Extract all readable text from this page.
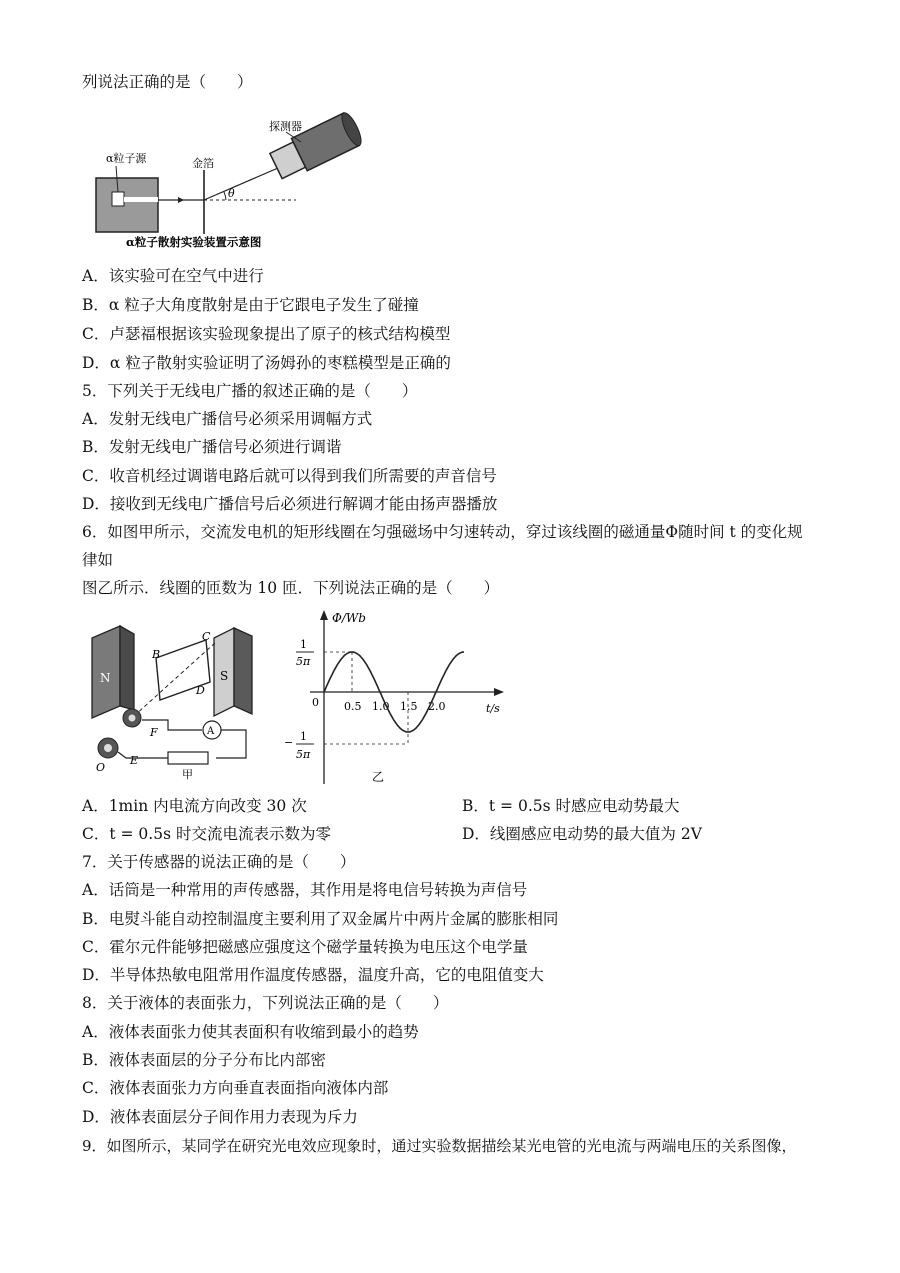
列说法正确的是（　　）
α粒子源	金箔
θ
探测器
α粒子散射实验装置示意图
A．该实验可在空气中进行
B．α 粒子大角度散射是由于它跟电子发生了碰撞
C．卢瑟福根据该实验现象提出了原子的核式结构模型
D．α 粒子散射实验证明了汤姆孙的枣糕模型是正确的
5．下列关于无线电广播的叙述正确的是（　　）
A．发射无线电广播信号必须采用调幅方式
B．发射无线电广播信号必须进行调谐
C．收音机经过调谐电路后就可以得到我们所需要的声音信号
D．接收到无线电广播信号后必须进行解调才能由扬声器播放
6．如图甲所示，交流发电机的矩形线圈在匀强磁场中匀速转动，穿过该线圈的磁通量Φ随时间 t 的变化规
律如
图乙所示．线圈的匝数为 10 匝．下列说法正确的是（　　）
N	S
B
C
D
F
E
O
A
甲
Φ/Wb
t/s
0
1
5π
− 1
5π
0.5 1.0 1.5 2.0
乙
A．1min 内电流方向改变 30 次	B．t = 0.5s 时感应电动势最大
C．t = 0.5s 时交流电流表示数为零	D．线圈感应电动势的最大值为 2V
7．关于传感器的说法正确的是（　　）
A．话筒是一种常用的声传感器，其作用是将电信号转换为声信号
B．电熨斗能自动控制温度主要利用了双金属片中两片金属的膨胀相同
C．霍尔元件能够把磁感应强度这个磁学量转换为电压这个电学量
D．半导体热敏电阻常用作温度传感器，温度升高，它的电阻值变大
8．关于液体的表面张力，下列说法正确的是（　　）
A．液体表面张力使其表面积有收缩到最小的趋势
B．液体表面层的分子分布比内部密
C．液体表面张力方向垂直表面指向液体内部
D．液体表面层分子间作用力表现为斥力
9．如图所示，某同学在研究光电效应现象时，通过实验数据描绘某光电管的光电流与两端电压的关系图像，
